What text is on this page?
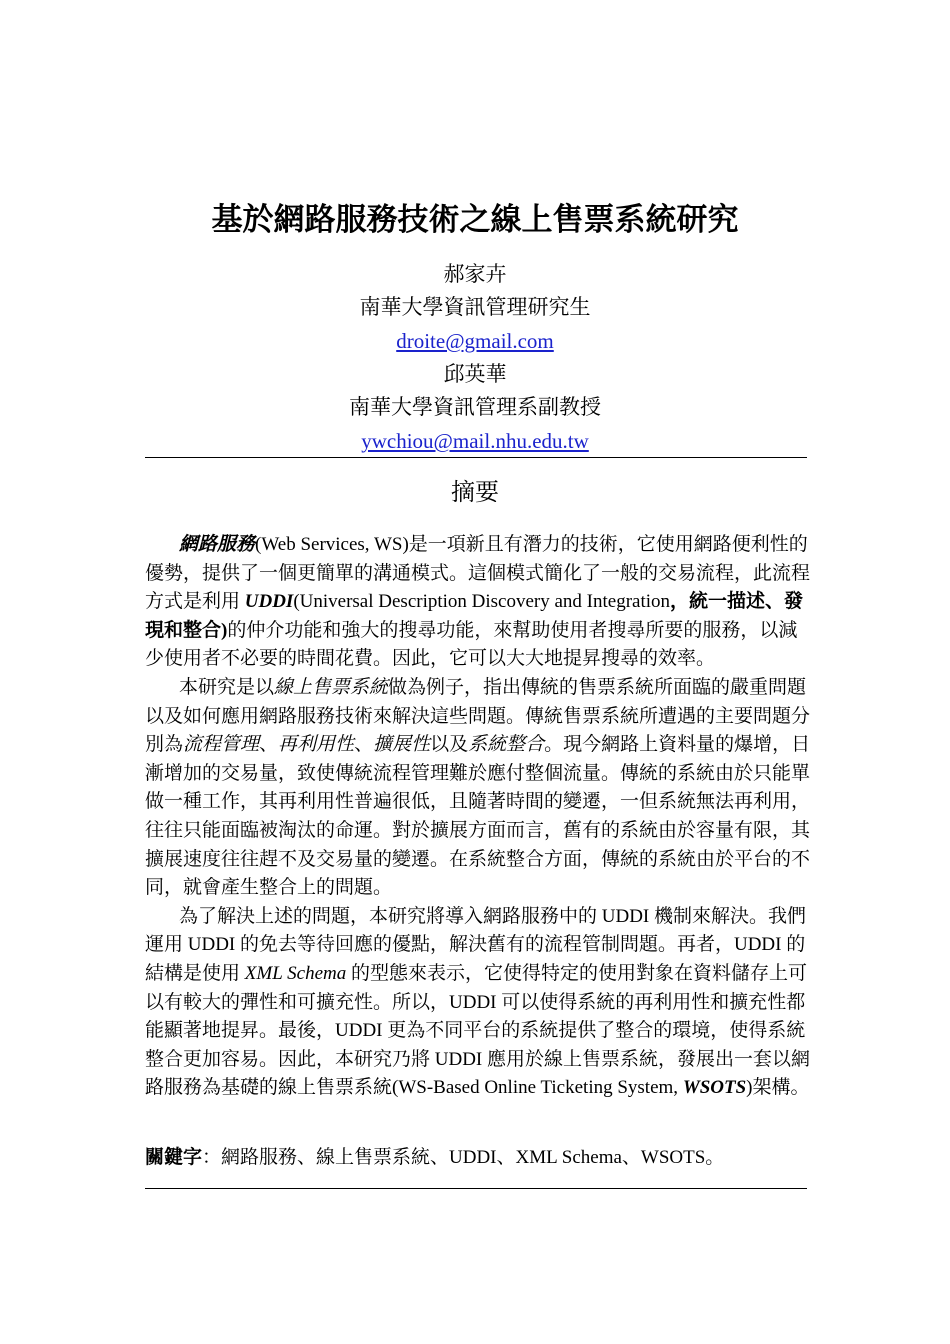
基於網路服務技術之線上售票系統研究
郝家卉
南華大學資訊管理研究生
droite@gmail.com
邱英華
南華大學資訊管理系副教授
ywchiou@mail.nhu.edu.tw
摘要

網路服務(Web Services, WS)是一項新且有潛力的技術，它使用網路便利性的優勢，提供了一個更簡單的溝通模式。這個模式簡化了一般的交易流程，此流程方式是利用 UDDI(Universal Description Discovery and Integration，統一描述、發現和整合)的仲介功能和強大的搜尋功能，來幫助使用者搜尋所要的服務，以減少使用者不必要的時間花費。因此，它可以大大地提昇搜尋的效率。

本研究是以線上售票系統做為例子，指出傳統的售票系統所面臨的嚴重問題以及如何應用網路服務技術來解決這些問題。傳統售票系統所遭遇的主要問題分別為流程管理、再利用性、擴展性以及系統整合。現今網路上資料量的爆增，日漸增加的交易量，致使傳統流程管理難於應付整個流量。傳統的系統由於只能單做一種工作，其再利用性普遍很低，且隨著時間的變遷，一但系統無法再利用，往往只能面臨被淘汰的命運。對於擴展方面而言，舊有的系統由於容量有限，其擴展速度往往趕不及交易量的變遷。在系統整合方面，傳統的系統由於平台的不同，就會產生整合上的問題。

為了解決上述的問題，本研究將導入網路服務中的 UDDI 機制來解決。我們運用 UDDI 的免去等待回應的優點，解決舊有的流程管制問題。再者，UDDI 的結構是使用 XML Schema 的型態來表示，它使得特定的使用對象在資料儲存上可以有較大的彈性和可擴充性。所以，UDDI 可以使得系統的再利用性和擴充性都能顯著地提昇。最後，UDDI 更為不同平台的系統提供了整合的環境，使得系統整合更加容易。因此，本研究乃將 UDDI 應用於線上售票系統，發展出一套以網路服務為基礎的線上售票系統(WS-Based Online Ticketing System, WSOTS)架構。

關鍵字：網路服務、線上售票系統、UDDI、XML Schema、WSOTS。
